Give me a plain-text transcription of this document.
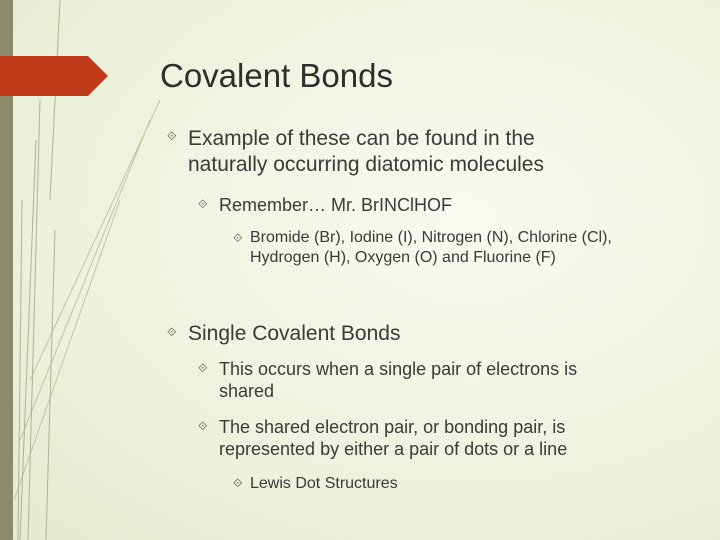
Covalent Bonds
⟐ Example of these can be found in the naturally occurring diatomic molecules
⟐ Remember… Mr. BrINClHOF
⟐ Bromide (Br), Iodine (I), Nitrogen (N), Chlorine (Cl), Hydrogen (H), Oxygen (O) and Fluorine (F)
⟐ Single Covalent Bonds
⟐ This occurs when a single pair of electrons is shared
⟐ The shared electron pair, or bonding pair, is represented by either a pair of dots or a line
⟐ Lewis Dot Structures
